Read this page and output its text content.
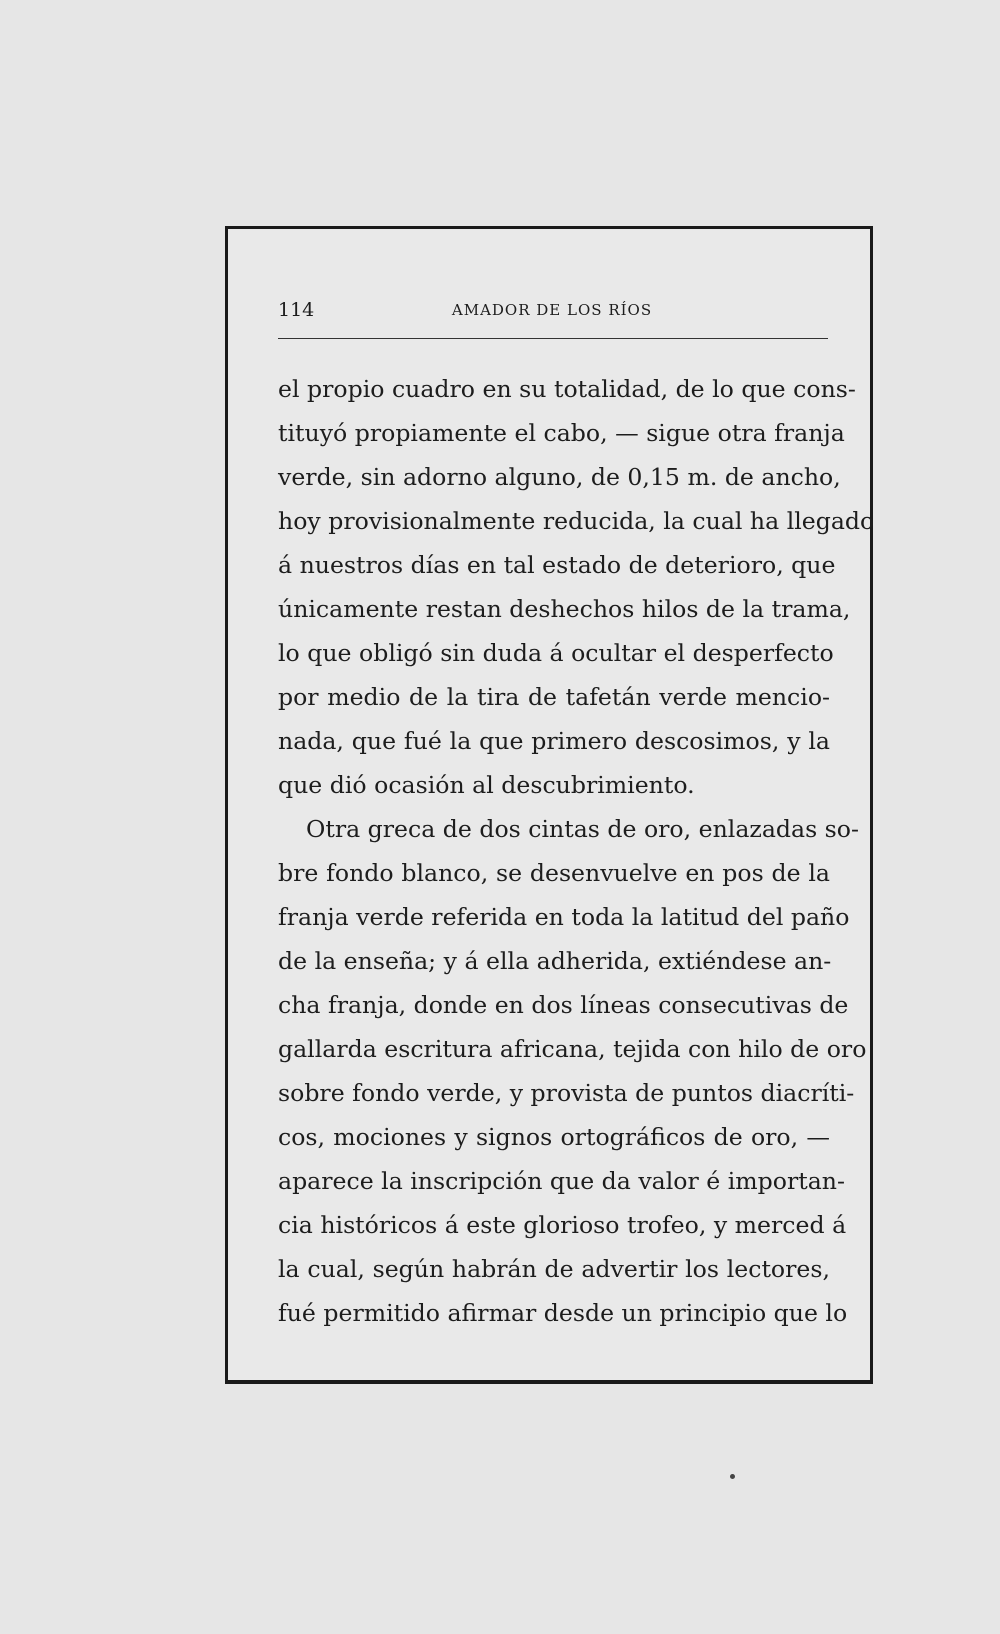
114	AMADOR DE LOS RÍOS
el propio cuadro en su totalidad, de lo que cons-
tituyó propiamente el cabo, — sigue otra franja
verde, sin adorno alguno, de 0,15 m. de ancho,
hoy provisionalmente reducida, la cual ha llegado
á nuestros días en tal estado de deterioro, que
únicamente restan deshechos hilos de la trama,
lo que obligó sin duda á ocultar el desperfecto
por medio de la tira de tafetán verde mencio-
nada, que fué la que primero descosimos, y la
que dió ocasión al descubrimiento.
Otra greca de dos cintas de oro, enlazadas so-
bre fondo blanco, se desenvuelve en pos de la
franja verde referida en toda la latitud del paño
de la enseña; y á ella adherida, extiéndese an-
cha franja, donde en dos líneas consecutivas de
gallarda escritura africana, tejida con hilo de oro
sobre fondo verde, y provista de puntos diacríti-
cos, mociones y signos ortográficos de oro, —
aparece la inscripción que da valor é importan-
cia históricos á este glorioso trofeo, y merced á
la cual, según habrán de advertir los lectores,
fué permitido afirmar desde un principio que lo
